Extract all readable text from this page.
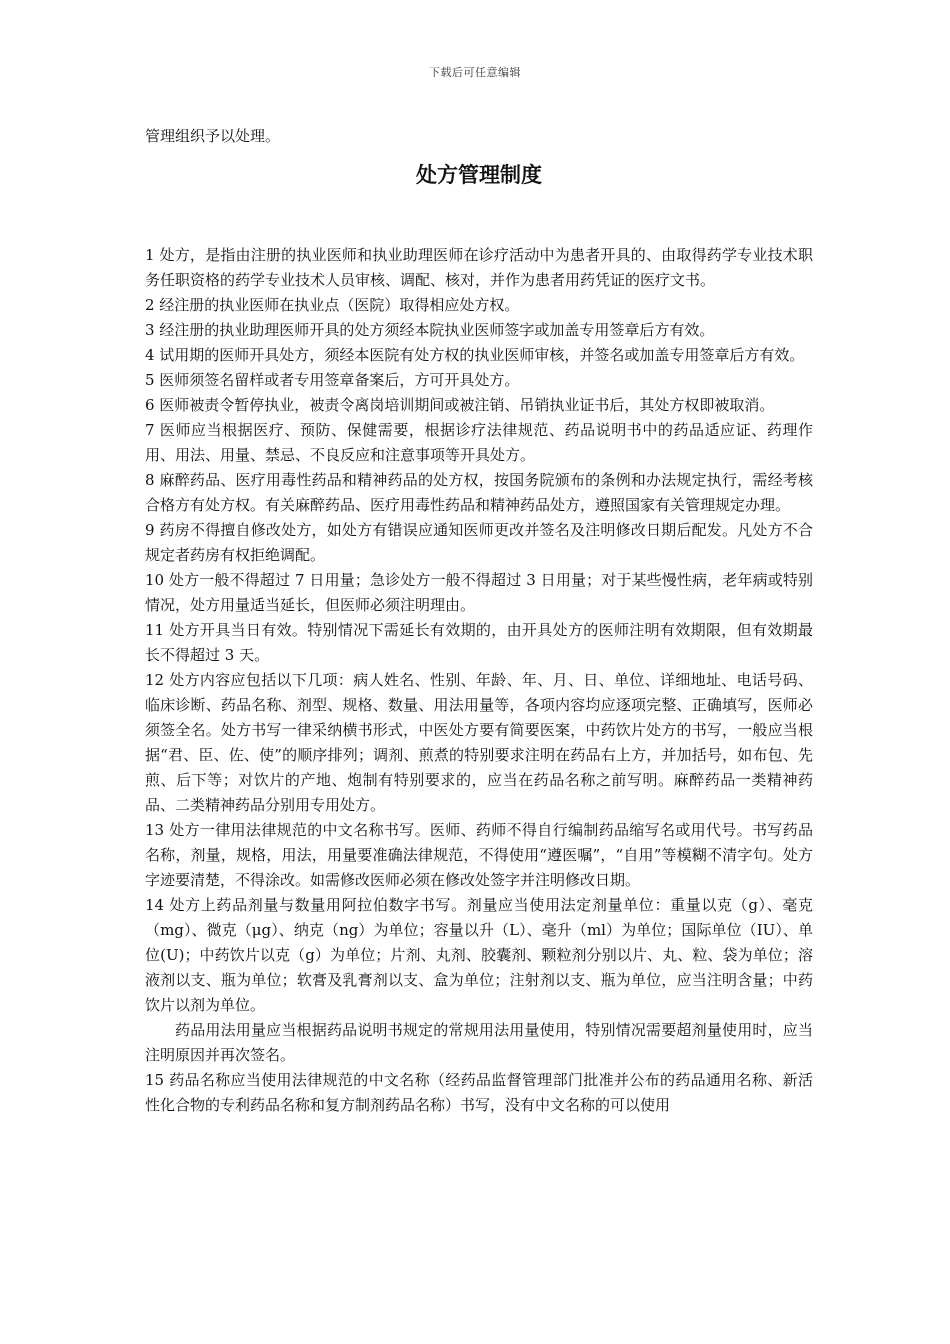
下载后可任意编辑

管理组织予以处理。

处方管理制度

1 处方，是指由注册的执业医师和执业助理医师在诊疗活动中为患者开具的、由取得药学专业技术职务任职资格的药学专业技术人员审核、调配、核对，并作为患者用药凭证的医疗文书。

2 经注册的执业医师在执业点（医院）取得相应处方权。

3 经注册的执业助理医师开具的处方须经本院执业医师签字或加盖专用签章后方有效。

4 试用期的医师开具处方，须经本医院有处方权的执业医师审核，并签名或加盖专用签章后方有效。

5 医师须签名留样或者专用签章备案后，方可开具处方。

6 医师被责令暂停执业，被责令离岗培训期间或被注销、吊销执业证书后，其处方权即被取消。

7 医师应当根据医疗、预防、保健需要，根据诊疗法律规范、药品说明书中的药品适应证、药理作用、用法、用量、禁忌、不良反应和注意事项等开具处方。

8 麻醉药品、医疗用毒性药品和精神药品的处方权，按国务院颁布的条例和办法规定执行，需经考核合格方有处方权。有关麻醉药品、医疗用毒性药品和精神药品处方，遵照国家有关管理规定办理。

9 药房不得擅自修改处方，如处方有错误应通知医师更改并签名及注明修改日期后配发。凡处方不合规定者药房有权拒绝调配。

10 处方一般不得超过 7 日用量；急诊处方一般不得超过 3 日用量；对于某些慢性病，老年病或特别情况，处方用量适当延长，但医师必须注明理由。

11 处方开具当日有效。特别情况下需延长有效期的，由开具处方的医师注明有效期限，但有效期最长不得超过 3 天。

12 处方内容应包括以下几项：病人姓名、性别、年龄、年、月、日、单位、详细地址、电话号码、临床诊断、药品名称、剂型、规格、数量、用法用量等，各项内容均应逐项完整、正确填写，医师必须签全名。处方书写一律采纳横书形式，中医处方要有简要医案，中药饮片处方的书写，一般应当根据“君、臣、佐、使”的顺序排列；调剂、煎煮的特别要求注明在药品右上方，并加括号，如布包、先煎、后下等；对饮片的产地、炮制有特别要求的，应当在药品名称之前写明。麻醉药品一类精神药品、二类精神药品分别用专用处方。

13 处方一律用法律规范的中文名称书写。医师、药师不得自行编制药品缩写名或用代号。书写药品名称，剂量，规格，用法，用量要准确法律规范，不得使用“遵医嘱”，“自用”等模糊不清字句。处方字迹要清楚，不得涂改。如需修改医师必须在修改处签字并注明修改日期。

14 处方上药品剂量与数量用阿拉伯数字书写。剂量应当使用法定剂量单位：重量以克（g）、毫克（mg）、微克（μg）、纳克（ng）为单位；容量以升（L）、毫升（ml）为单位；国际单位（IU）、单位(U)；中药饮片以克（g）为单位；片剂、丸剂、胶囊剂、颗粒剂分别以片、丸、粒、袋为单位；溶液剂以支、瓶为单位；软膏及乳膏剂以支、盒为单位；注射剂以支、瓶为单位，应当注明含量；中药饮片以剂为单位。

药品用法用量应当根据药品说明书规定的常规用法用量使用，特别情况需要超剂量使用时，应当注明原因并再次签名。

15 药品名称应当使用法律规范的中文名称（经药品监督管理部门批准并公布的药品通用名称、新活性化合物的专利药品名称和复方制剂药品名称）书写，没有中文名称的可以使用
